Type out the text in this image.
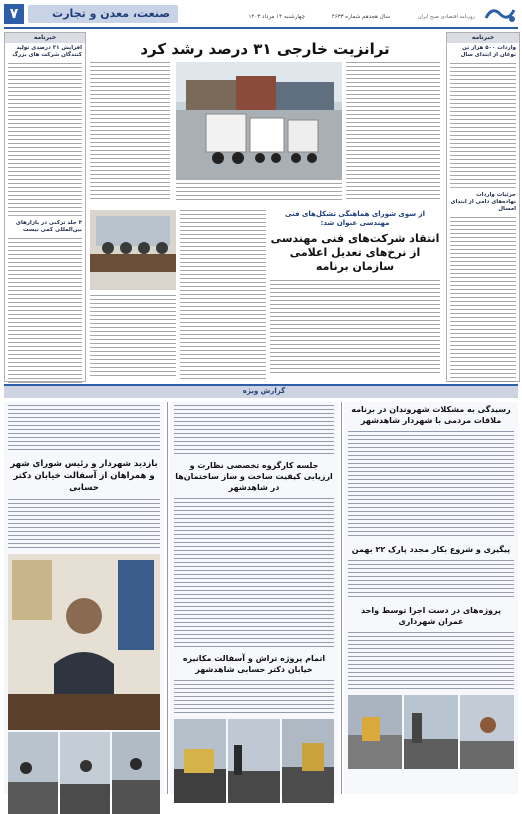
۷	صنعت، معدن و تجارت	چهارشنبه ۱۴ مرداد ۱۴۰۳	سال هجدهم شماره ۴۶۳۳	روزنامه اقتصادی صبح ایران
خبرنامه
واردات ۵۰۰ هزار تن نوغان از ابتدای سال
جزئیات واردات نهاده‌های دامی از ابتدای امسال
خبرنامه
افزایش ۲۱ درصدی تولید کنندگان شرکت های بزرگ
۴ جلد ترکنی در بازارهای بین‌المللی کمی نیست
ترانزیت خارجی ۳۱ درصد رشد کرد
از سوی شورای هماهنگی تشکل‌های فنی مهندسی عنوان شد:
انتقاد شرکت‌های فنی مهندسی از نرخ‌های تعدیل اعلامی سازمان برنامه
گزارش ویژه
رسیدگی به مشکلات شهروندان در برنامه ملاقات مردمی با شهردار شاهدشهر
پیگیری و شروع بکار مجدد پارک ۲۲ بهمن
پروژه‌های در دست اجرا توسط واحد عمران شهرداری
جلسه کارگروه تخصصی نظارت و ارزیابی کیفیت ساخت و ساز ساختمان‌ها در شاهدشهر
اتمام پروژه تراش و آسفالت مکانیزه خیابان دکتر حسابی شاهدشهر
بازدید شهردار و رئیس شورای شهر و همراهان از آسفالت خیابان دکتر حسابی
